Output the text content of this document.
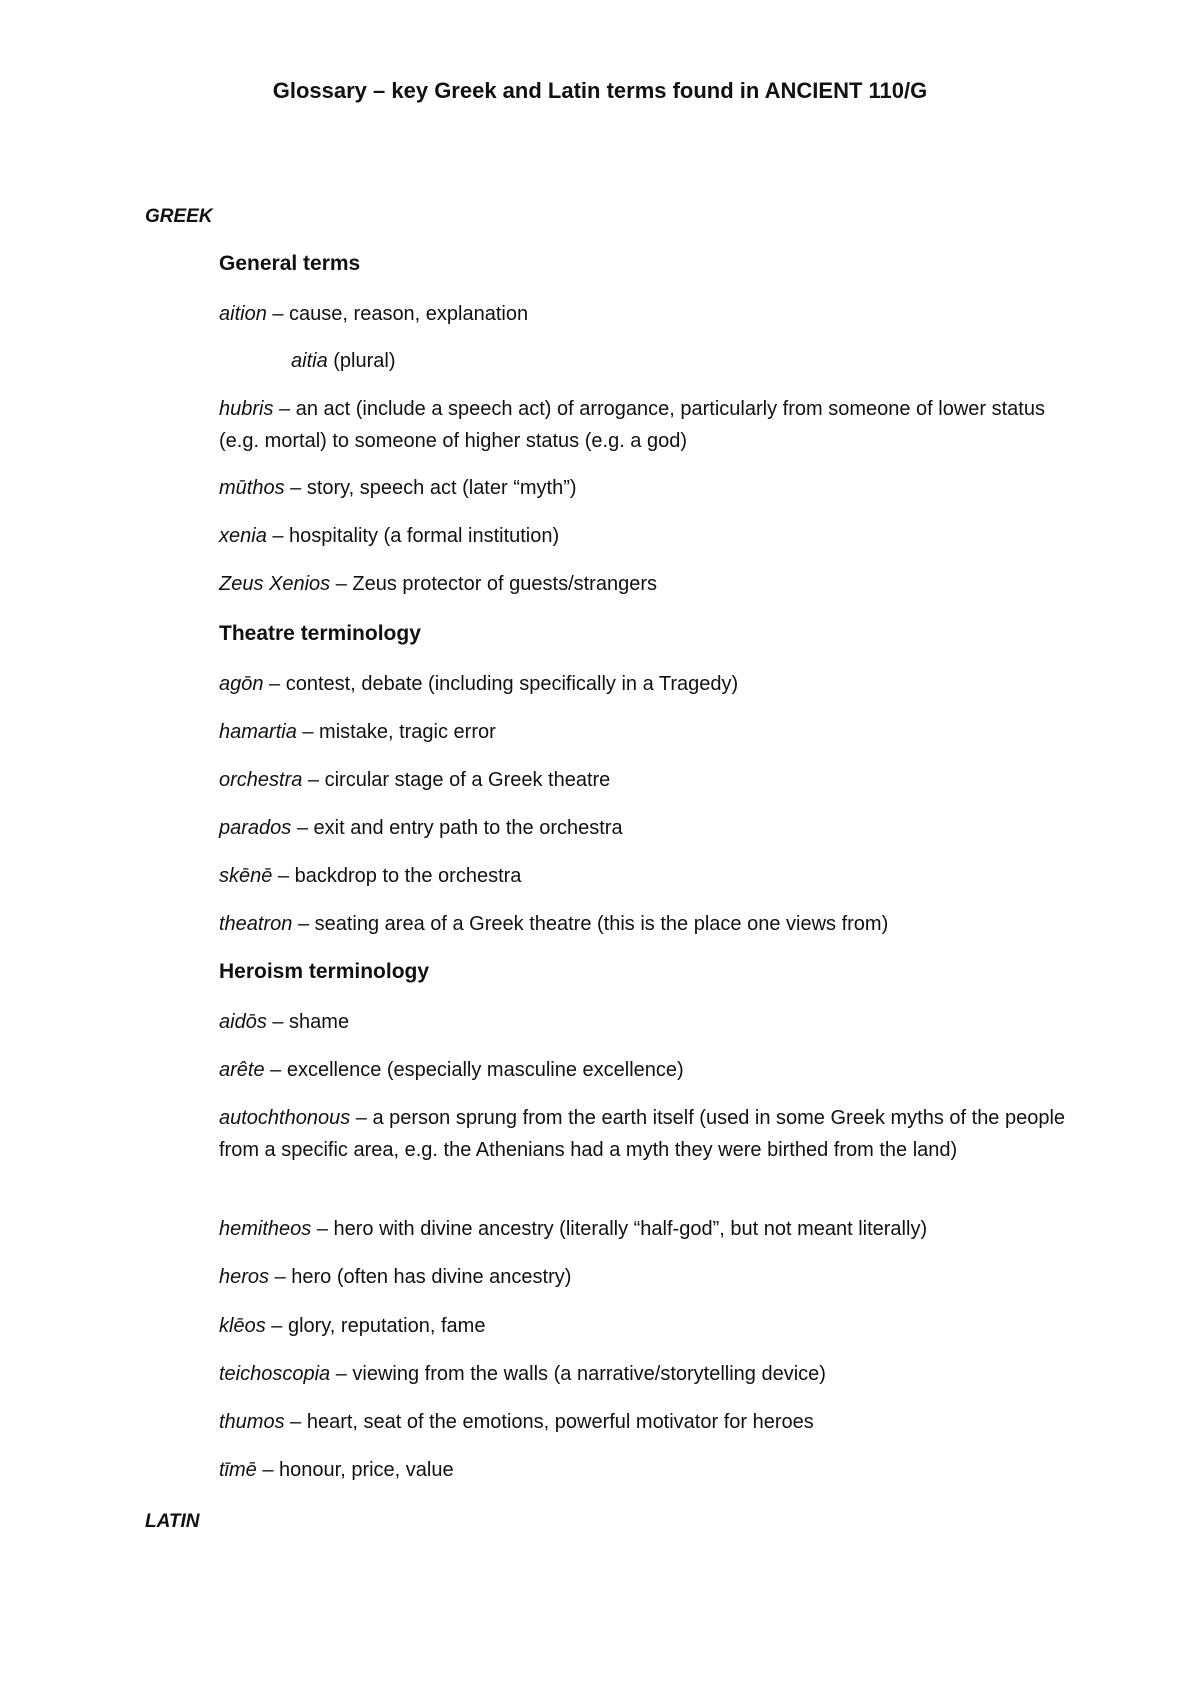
Glossary – key Greek and Latin terms found in ANCIENT 110/G
GREEK
General terms
aition – cause, reason, explanation
aitia (plural)
hubris – an act (include a speech act) of arrogance, particularly from someone of lower status (e.g. mortal) to someone of higher status (e.g. a god)
mūthos – story, speech act (later “myth”)
xenia – hospitality (a formal institution)
Zeus Xenios – Zeus protector of guests/strangers
Theatre terminology
agōn – contest, debate (including specifically in a Tragedy)
hamartia – mistake, tragic error
orchestra – circular stage of a Greek theatre
parados – exit and entry path to the orchestra
skēnē – backdrop to the orchestra
theatron – seating area of a Greek theatre (this is the place one views from)
Heroism terminology
aidōs – shame
arête – excellence (especially masculine excellence)
autochthonous – a person sprung from the earth itself (used in some Greek myths of the people from a specific area, e.g. the Athenians had a myth they were birthed from the land)
hemitheos – hero with divine ancestry (literally “half-god”, but not meant literally)
heros – hero (often has divine ancestry)
klēos – glory, reputation, fame
teichoscopia – viewing from the walls (a narrative/storytelling device)
thumos – heart, seat of the emotions, powerful motivator for heroes
tīmē – honour, price, value
LATIN
